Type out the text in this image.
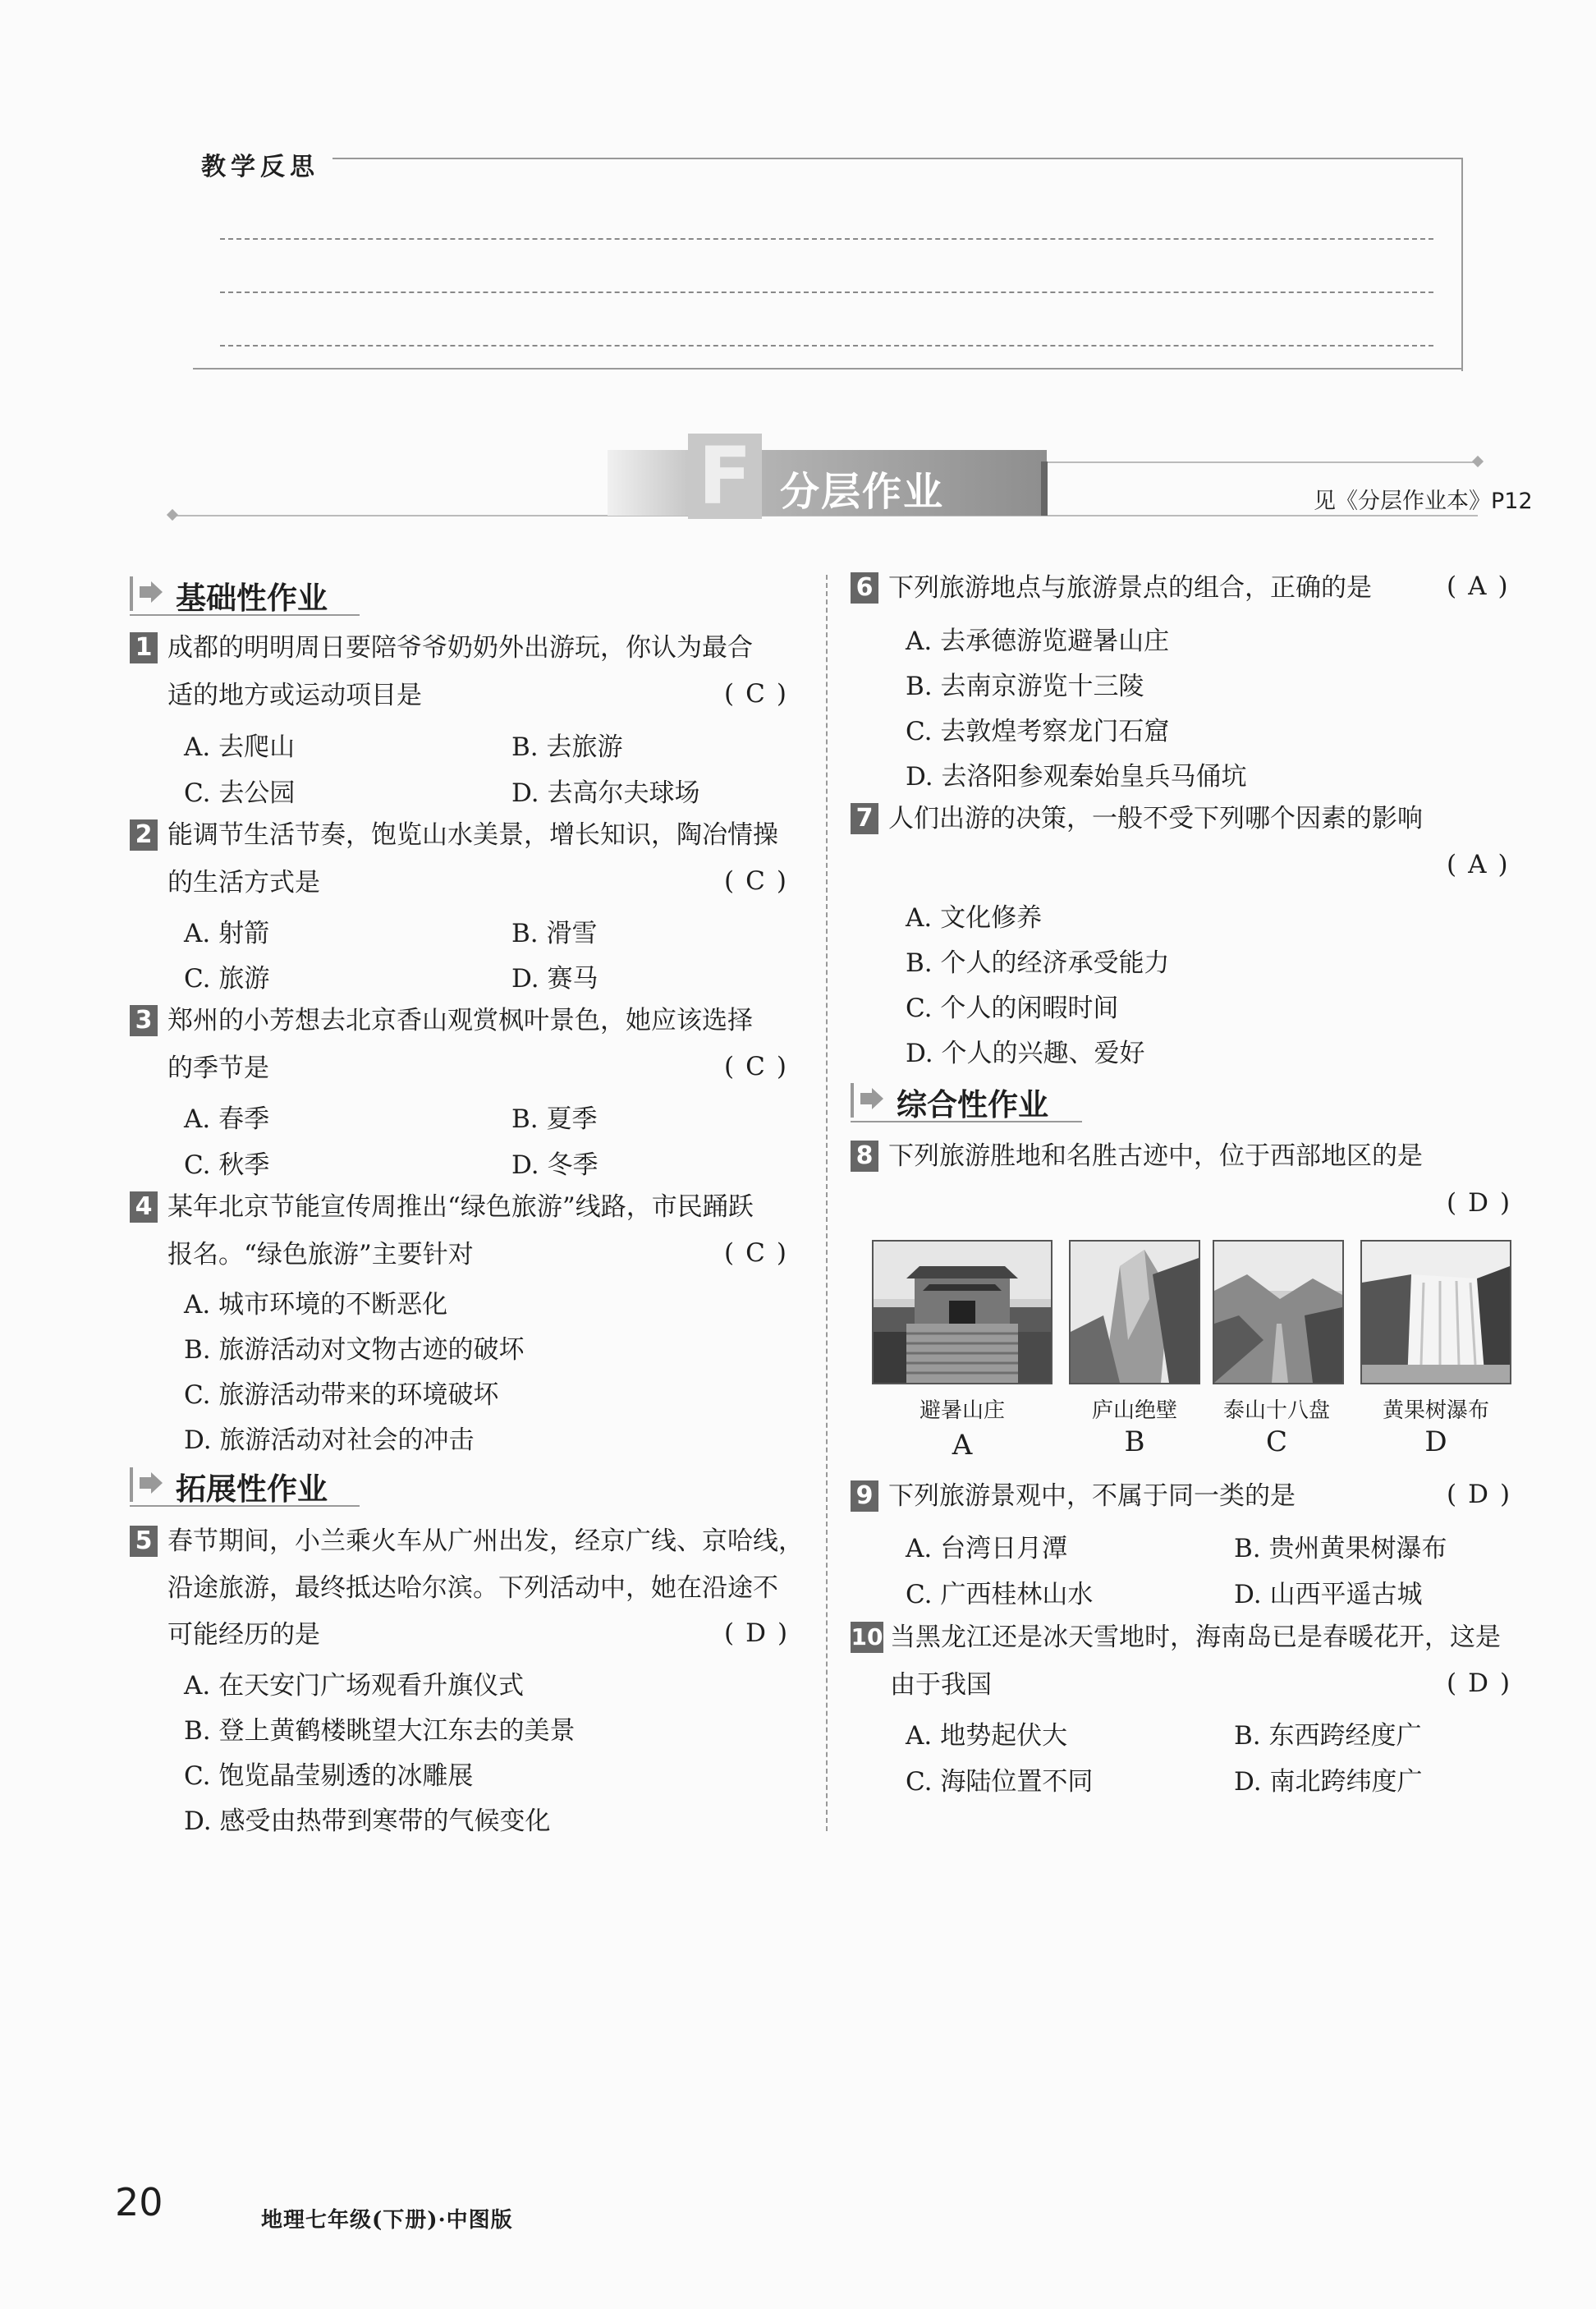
教学反思
F 分层作业	见《分层作业本》P12
基础性作业
1 成都的明明周日要陪爷爷奶奶外出游玩，你认为最合
适的地方或运动项目是	(C)
A. 去爬山	B. 去旅游
C. 去公园	D. 去高尔夫球场
2 能调节生活节奏，饱览山水美景，增长知识，陶冶情操
的生活方式是	(C)
A. 射箭	B. 滑雪
C. 旅游	D. 赛马
3 郑州的小芳想去北京香山观赏枫叶景色，她应该选择
的季节是	(C)
A. 春季	B. 夏季
C. 秋季	D. 冬季
4 某年北京节能宣传周推出“绿色旅游”线路，市民踊跃
报名。“绿色旅游”主要针对	(C)
A. 城市环境的不断恶化
B. 旅游活动对文物古迹的破坏
C. 旅游活动带来的环境破坏
D. 旅游活动对社会的冲击
拓展性作业
5 春节期间，小兰乘火车从广州出发，经京广线、京哈线，
沿途旅游，最终抵达哈尔滨。下列活动中，她在沿途不
可能经历的是	(D)
A. 在天安门广场观看升旗仪式
B. 登上黄鹤楼眺望大江东去的美景
C. 饱览晶莹剔透的冰雕展
D. 感受由热带到寒带的气候变化
6 下列旅游地点与旅游景点的组合，正确的是	(A)
A. 去承德游览避暑山庄
B. 去南京游览十三陵
C. 去敦煌考察龙门石窟
D. 去洛阳参观秦始皇兵马俑坑
7 人们出游的决策，一般不受下列哪个因素的影响
(A)
A. 文化修养
B. 个人的经济承受能力
C. 个人的闲暇时间
D. 个人的兴趣、爱好
综合性作业
8 下列旅游胜地和名胜古迹中，位于西部地区的是
(D)
避暑山庄	庐山绝壁	泰山十八盘	黄果树瀑布
A	B	C	D
9 下列旅游景观中，不属于同一类的是	(D)
A. 台湾日月潭	B. 贵州黄果树瀑布
C. 广西桂林山水	D. 山西平遥古城
10 当黑龙江还是冰天雪地时，海南岛已是春暖花开，这是
由于我国	(D)
A. 地势起伏大	B. 东西跨经度广
C. 海陆位置不同	D. 南北跨纬度广
20	地理七年级(下册)·中图版
